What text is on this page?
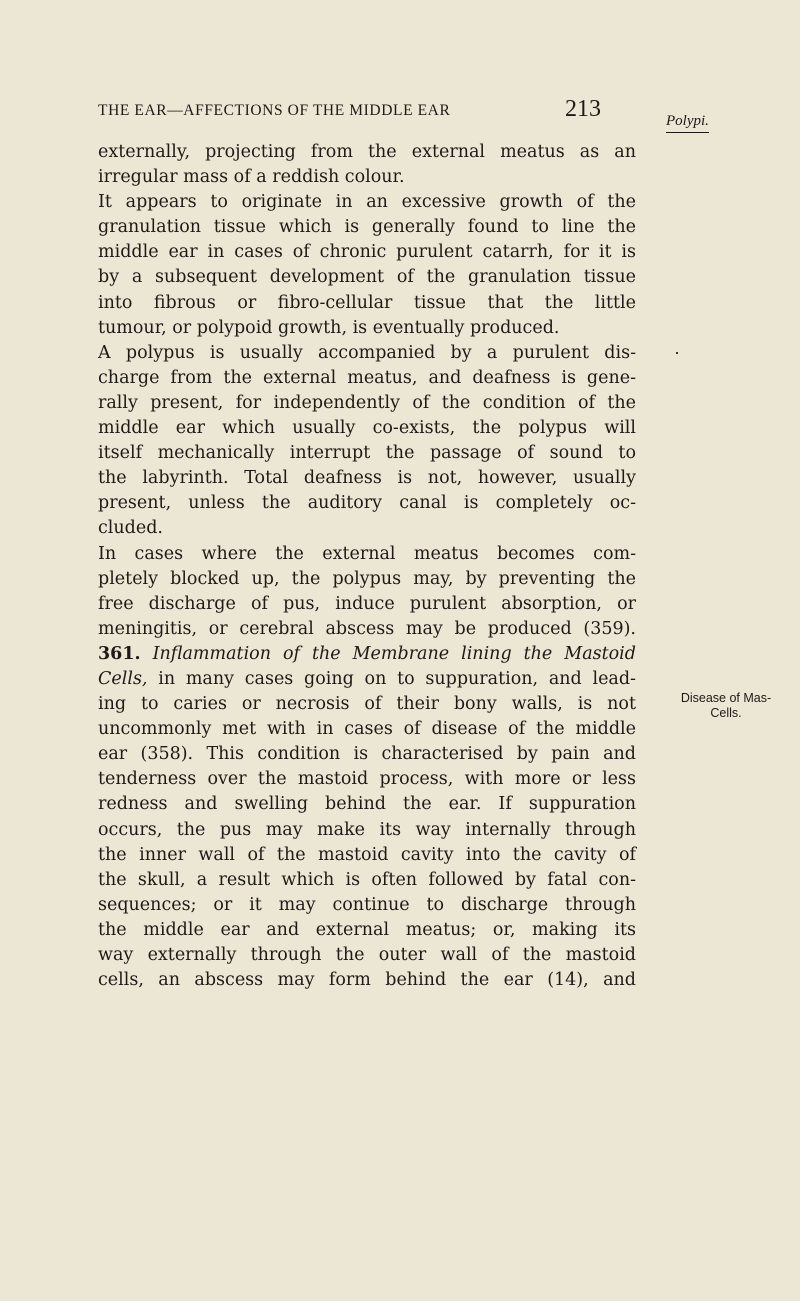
THE EAR—AFFECTIONS OF THE MIDDLE EAR	213	Polypi.
externally, projecting from the external meatus as an
irregular mass of a reddish colour.
It appears to originate in an excessive growth of the
granulation tissue which is generally found to line the
middle ear in cases of chronic purulent catarrh, for it is
by a subsequent development of the granulation tissue
into fibrous or fibro-cellular tissue that the little
tumour, or polypoid growth, is eventually produced.
A polypus is usually accompanied by a purulent dis-
charge from the external meatus, and deafness is gene-
rally present, for independently of the condition of the
middle ear which usually co-exists, the polypus will
itself mechanically interrupt the passage of sound to
the labyrinth. Total deafness is not, however, usually
present, unless the auditory canal is completely oc-
cluded.
In cases where the external meatus becomes com-
pletely blocked up, the polypus may, by preventing the
free discharge of pus, induce purulent absorption, or
meningitis, or cerebral abscess may be produced (359).
361. Inflammation of the Membrane lining the Mastoid
Cells, in many cases going on to suppuration, and lead-
ing to caries or necrosis of their bony walls, is not
uncommonly met with in cases of disease of the middle
ear (358). This condition is characterised by pain and
tenderness over the mastoid process, with more or less
redness and swelling behind the ear. If suppuration
occurs, the pus may make its way internally through
the inner wall of the mastoid cavity into the cavity of
the skull, a result which is often followed by fatal con-
sequences; or it may continue to discharge through
the middle ear and external meatus; or, making its
way externally through the outer wall of the mastoid
cells, an abscess may form behind the ear (14), and
Disease of Mas-
Cells.
